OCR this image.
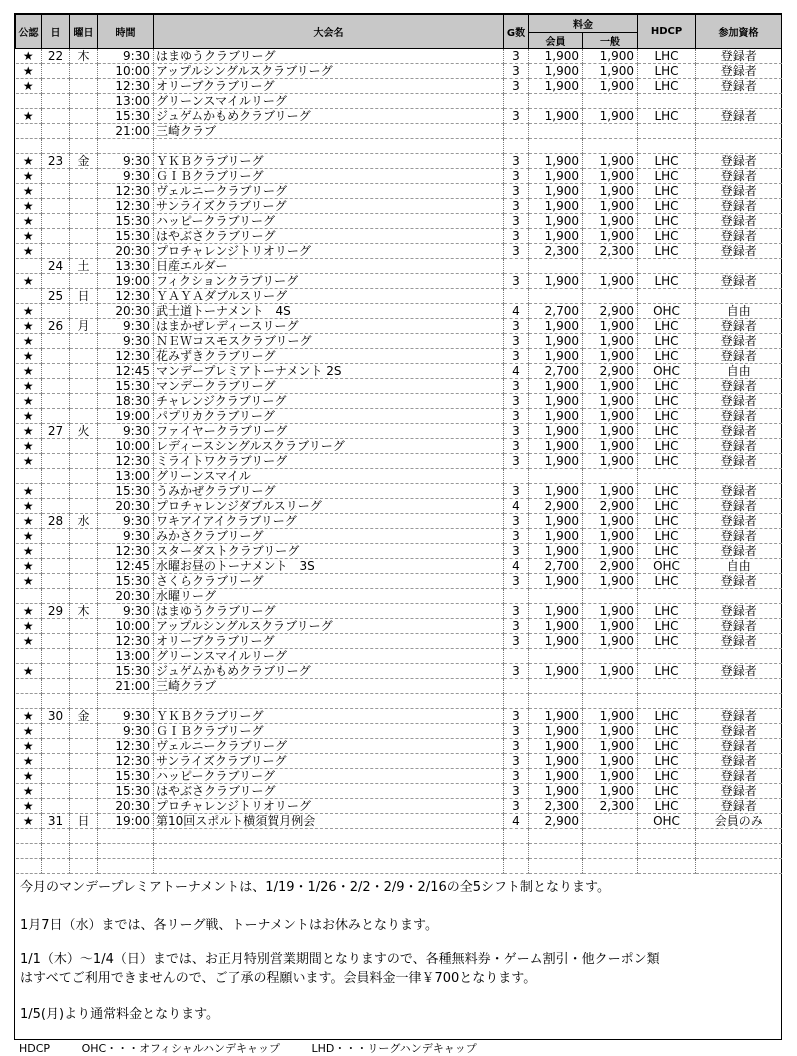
公認	日	曜日	時間	大会名	G数	料金		HDCP	参加資格
						会員	一般		
★	22	木	9:30	はまゆうクラブリーグ	3	1,900	1,900	LHC	登録者
★			10:00	アップルシングルスクラブリーグ	3	1,900	1,900	LHC	登録者
★			12:30	オリーブクラブリーグ	3	1,900	1,900	LHC	登録者
			13:00	グリーンスマイルリーグ					
★			15:30	ジュゲムかもめクラブリーグ	3	1,900	1,900	LHC	登録者
			21:00	三崎クラブ					

★	23	金	9:30	ＹＫＢクラブリーグ	3	1,900	1,900	LHC	登録者
★			9:30	ＧＩＢクラブリーグ	3	1,900	1,900	LHC	登録者
★			12:30	ヴェルニークラブリーグ	3	1,900	1,900	LHC	登録者
★			12:30	サンライズクラブリーグ	3	1,900	1,900	LHC	登録者
★			15:30	ハッピークラブリーグ	3	1,900	1,900	LHC	登録者
★			15:30	はやぶさクラブリーグ	3	1,900	1,900	LHC	登録者
★			20:30	プロチャレンジトリオリーグ	3	2,300	2,300	LHC	登録者
	24	土	13:30	日産エルダー					
★			19:00	フィクションクラブリーグ	3	1,900	1,900	LHC	登録者
	25	日	12:30	ＹＡＹＡダブルスリーグ					
★			20:30	武士道トーナメント　4S	4	2,700	2,900	OHC	自由
★	26	月	9:30	はまかぜレディースリーグ	3	1,900	1,900	LHC	登録者
★			9:30	ＮＥＷコスモスクラブリーグ	3	1,900	1,900	LHC	登録者
★			12:30	花みずきクラブリーグ	3	1,900	1,900	LHC	登録者
★			12:45	マンデープレミアトーナメント 2S	4	2,700	2,900	OHC	自由
★			15:30	マンデークラブリーグ	3	1,900	1,900	LHC	登録者
★			18:30	チャレンジクラブリーグ	3	1,900	1,900	LHC	登録者
★			19:00	パプリカクラブリーグ	3	1,900	1,900	LHC	登録者
★	27	火	9:30	ファイヤークラブリーグ	3	1,900	1,900	LHC	登録者
★			10:00	レディースシングルスクラブリーグ	3	1,900	1,900	LHC	登録者
★			12:30	ミライトワクラブリーグ	3	1,900	1,900	LHC	登録者
			13:00	グリーンスマイル					
★			15:30	うみかぜクラブリーグ	3	1,900	1,900	LHC	登録者
★			20:30	プロチャレンジダブルスリーグ	4	2,900	2,900	LHC	登録者
★	28	水	9:30	ワキアイアイクラブリーグ	3	1,900	1,900	LHC	登録者
★			9:30	みかさクラブリーグ	3	1,900	1,900	LHC	登録者
★			12:30	スターダストクラブリーグ	3	1,900	1,900	LHC	登録者
★			12:45	水曜お昼のトーナメント　3S	4	2,700	2,900	OHC	自由
★			15:30	さくらクラブリーグ	3	1,900	1,900	LHC	登録者
			20:30	水曜リーグ					
★	29	木	9:30	はまゆうクラブリーグ	3	1,900	1,900	LHC	登録者
★			10:00	アップルシングルスクラブリーグ	3	1,900	1,900	LHC	登録者
★			12:30	オリーブクラブリーグ	3	1,900	1,900	LHC	登録者
			13:00	グリーンスマイルリーグ					
★			15:30	ジュゲムかもめクラブリーグ	3	1,900	1,900	LHC	登録者
			21:00	三崎クラブ					

★	30	金	9:30	ＹＫＢクラブリーグ	3	1,900	1,900	LHC	登録者
★			9:30	ＧＩＢクラブリーグ	3	1,900	1,900	LHC	登録者
★			12:30	ヴェルニークラブリーグ	3	1,900	1,900	LHC	登録者
★			12:30	サンライズクラブリーグ	3	1,900	1,900	LHC	登録者
★			15:30	ハッピークラブリーグ	3	1,900	1,900	LHC	登録者
★			15:30	はやぶさクラブリーグ	3	1,900	1,900	LHC	登録者
★			20:30	プロチャレンジトリオリーグ	3	2,300	2,300	LHC	登録者
★	31	日	19:00	第10回スポルト横須賀月例会	4	2,900		OHC	会員のみ

今月のマンデープレミアトーナメントは、1/19・1/26・2/2・2/9・2/16の全5シフト制となります。
1月7日（水）までは、各リーグ戦、トーナメントはお休みとなります。
1/1（木）～1/4（日）までは、お正月特別営業期間となりますので、各種無料券・ゲーム割引・他クーポン類
はすべてご利用できませんので、ご了承の程願います。会員料金一律￥700となります。
1/5(月)より通常料金となります。
HDCP	OHC・・・オフィシャルハンデキャップ	LHD・・・リーグハンデキャップ
